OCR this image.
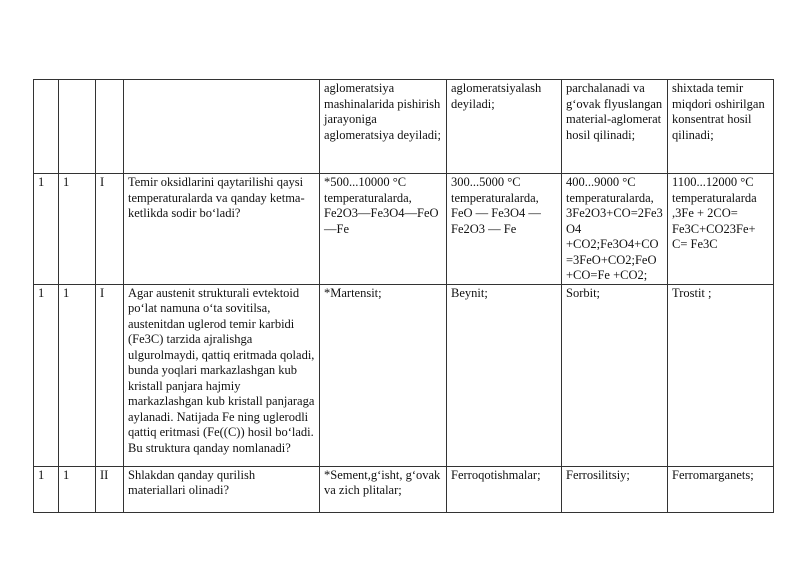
				aglomeratsiya mashinalarida pishirish jarayoniga aglomeratsiya deyiladi;	aglomeratsiyalash deyiladi;	parchalanadi va g‘ovak flyuslangan material-aglomerat hosil qilinadi;	shixtada temir miqdori oshirilgan konsentrat hosil qilinadi;
1	1	I	Temir oksidlarini qaytarilishi qaysi temperaturalarda va qanday ketma-ketlikda sodir bo‘ladi?	*500...10000 °C temperaturalarda, Fe2O3—Fe3O4—FeO—Fe	300...5000 °C temperaturalarda, FeO — Fe3O4 — Fe2O3 — Fe	400...9000 °C temperaturalarda, 3Fe2O3+CO=2Fe3O4 +CO2;Fe3O4+CO =3FeO+CO2;FeO +CO=Fe +CO2;	1100...12000 °C temperaturalarda ,3Fe + 2CO= Fe3C+CO23Fe+ C= Fe3C
1	1	I	Agar austenit strukturali evtektoid po‘lat namuna o‘ta sovitilsa, austenitdan uglerod temir karbidi (Fe3C) tarzida ajralishga ulgurolmaydi, qattiq eritmada qoladi, bunda yoqlari markazlashgan kub kristall panjara hajmiy markazlashgan kub kristall panjaraga aylanadi. Natijada Fe ning uglerodli qattiq eritmasi (Fe((C)) hosil bo‘ladi. Bu struktura qanday nomlanadi?	*Martensit;	Beynit;	Sorbit;	Trostit ;
1	1	II	Shlakdan qanday qurilish materiallari olinadi?	*Sement,g‘isht, g‘ovak va zich plitalar;	Ferroqotishmalar;	Ferrosilitsiy;	Ferromarganets;
